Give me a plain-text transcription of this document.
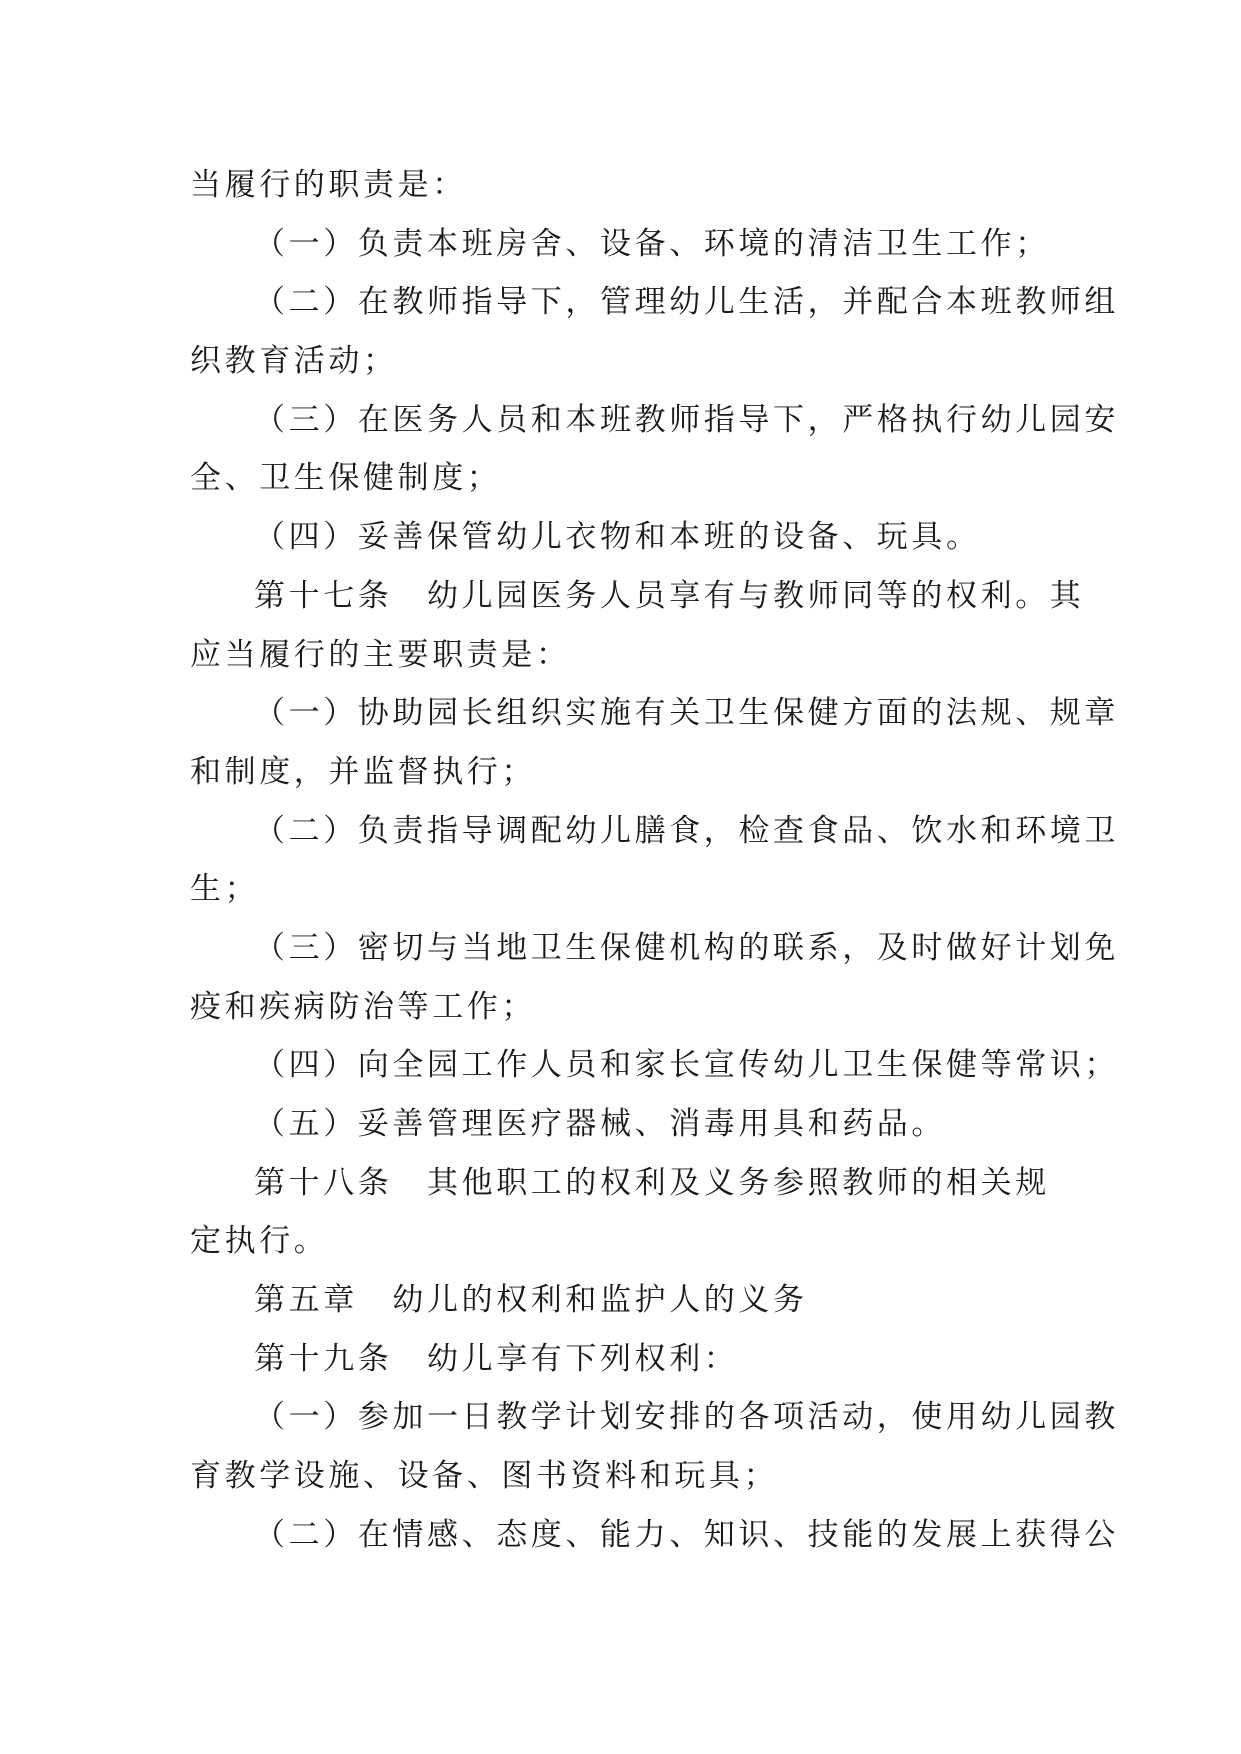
当履行的职责是：
（一）负责本班房舍、设备、环境的清洁卫生工作；
（二）在教师指导下，管理幼儿生活，并配合本班教师组
织教育活动；
（三）在医务人员和本班教师指导下，严格执行幼儿园安
全、卫生保健制度；
（四）妥善保管幼儿衣物和本班的设备、玩具。
第十七条　幼儿园医务人员享有与教师同等的权利。其
应当履行的主要职责是：
（一）协助园长组织实施有关卫生保健方面的法规、规章
和制度，并监督执行；
（二）负责指导调配幼儿膳食，检查食品、饮水和环境卫
生；
（三）密切与当地卫生保健机构的联系，及时做好计划免
疫和疾病防治等工作；
（四）向全园工作人员和家长宣传幼儿卫生保健等常识；
（五）妥善管理医疗器械、消毒用具和药品。
第十八条　其他职工的权利及义务参照教师的相关规
定执行。
第五章　幼儿的权利和监护人的义务
第十九条　幼儿享有下列权利：
（一）参加一日教学计划安排的各项活动，使用幼儿园教
育教学设施、设备、图书资料和玩具；
（二）在情感、态度、能力、知识、技能的发展上获得公
